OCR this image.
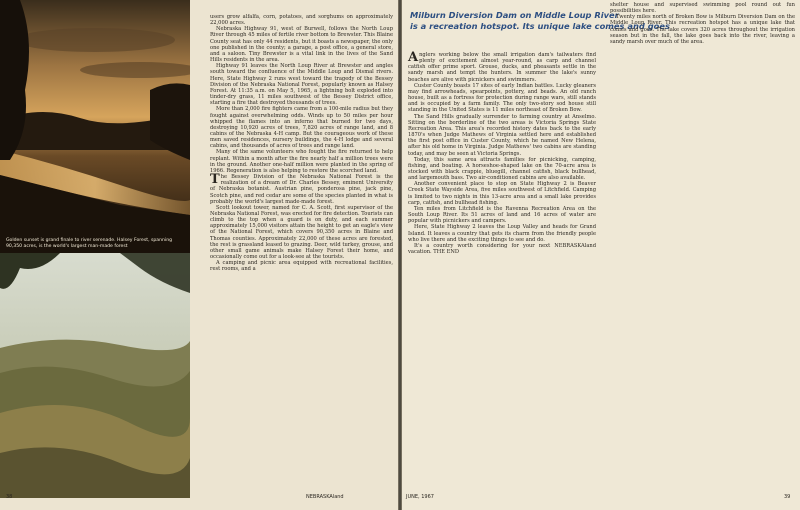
Golden sunset is grand finale to river serenade. Halsey Forest, spanning 90,350 acres, is the world's largest man-made forest

users grow alfalfa, corn, potatoes, and sorghums on approximately 22,000 acres.

Nebraska Highway 91, west of Burwell, follows the North Loup River through 45 miles of fertile river bottom to Brewster. This Blaine County seat has only 44 residents, but it boasts a newspaper, the only one published in the county; a garage, a post office, a general store, and a saloon. Tiny Brewster is a vital link in the lives of the Sand Hills residents in the area.

Highway 91 leaves the North Loup River at Brewster and angles south toward the confluence of the Middle Loup and Dismal rivers. Here, State Highway 2 runs west toward the tragedy of the Bessey Division of the Nebraska National Forest, popularly known as Halsey Forest. At 11:35 a.m. on May 5, 1965, a lightning bolt exploded into tinder-dry grass, 11 miles southwest of the Bessey District office, starting a fire that destroyed thousands of trees.

More than 2,000 fire fighters came from a 100-mile radius but they fought against overwhelming odds. Winds up to 50 miles per hour whipped the flames into an inferno that burned for two days, destroying 10,920 acres of trees, 7,820 acres of range land, and 8 cabins of the Nebraska 4-H camp. But the courageous work of these men saved residences, nursery buildings, the 4-H lodge and several cabins, and thousands of acres of trees and range land.

Many of the same volunteers who fought the fire returned to help replant. Within a month after the fire nearly half a million trees were in the ground. Another one-half million were planted in the spring of 1966. Regeneration is also helping to restore the scorched land.

The Bessey Division of the Nebraska National Forest is the realization of a dream of Dr. Charles Bessey, eminent University of Nebraska botanist. Austrian pine, ponderosa pine, jack pine, Scotch pine, and red cedar are some of the species planted in what is probably the world's largest made-made forest.

Scott lookout tower, named for C. A. Scott, first supervisor of the Nebraska National Forest, was erected for fire detection. Tourists can climb to the top when a guard is on duty, and each summer approximately 15,000 visitors attain the height to get an eagle's view of the National Forest, which covers 90,350 acres in Blaine and Thomas counties. Approximately 22,000 of these acres are forested, the rest is grassland leased to grazing. Deer, wild turkey, grouse, and other small game animals make Halsey Forest their home, and occasionally come out for a look-see at the tourists.

A camping and picnic area equipped with recreational facilities, rest rooms, and a

38	NEBRASKAland
Milburn Diversion Dam on Middle Loup River
is a recreation hotspot. Its unique lake comes and goes

Anglers working below the small irrigation dam's tailwaters find plenty of excitement almost year-round, as carp and channel catfish offer prime sport. Grouse, ducks, and pheasants settle in the sandy marsh and tempt the hunters. In summer the lake's sunny beaches are alive with picnickers and swimmers.

Custer County boasts 17 sites of early Indian battles. Lucky gleaners may find arrowheads, spearpoints, pottery, and beads. An old ranch house, built as a fortress for protection during range wars, still stands and is occupied by a farm family. The only two-story sod house still standing in the United States is 11 miles northeast of Broken Bow.

The Sand Hills gradually surrender to farming country at Anselmo. Sitting on the borderline of the two areas is Victoria Springs State Recreation Area. This area's recorded history dates back to the early 1870's when Judge Mathews of Virginia settled here and established the first post office in Custer County, which he named New Helena, after his old home in Virginia. Judge Mathews' two cabins are standing today, and may be seen at Victoria Springs.

Today, this same area attracts families for picnicking, camping, fishing, and boating. A horseshoe-shaped lake on the 70-acre area is stocked with black crappie, bluegill, channel catfish, black bullhead, and largemouth bass. Two air-conditioned cabins are also available.

Another convenient place to stop on State Highway 2 is Beaver Creek State Wayside Area, five miles southwest of Litchfield. Camping is limited to two nights in this 13-acre area and a small lake provides carp, catfish, and bullhead fishing.

Ten miles from Litchfield is the Ravenna Recreation Area on the South Loup River. Its 51 acres of land and 16 acres of water are popular with picnickers and campers.

Here, State Highway 2 leaves the Loup Valley and heads for Grand Island. It leaves a country that gets its charm from the friendly people who live there and the exciting things to see and do.

It's a country worth considering for your next NEBRASKAland vacation. THE END

shelter house and supervised swimming pool round out fun possibilities here.

Twenty miles north of Broken Bow is Milburn Diversion Dam on the Middle Loup River. This recreation hotspot has a unique lake that comes and goes. The lake covers 320 acres throughout the irrigation season but in the fall, the lake goes back into the river, leaving a sandy marsh over much of the area.

JUNE, 1967	39
